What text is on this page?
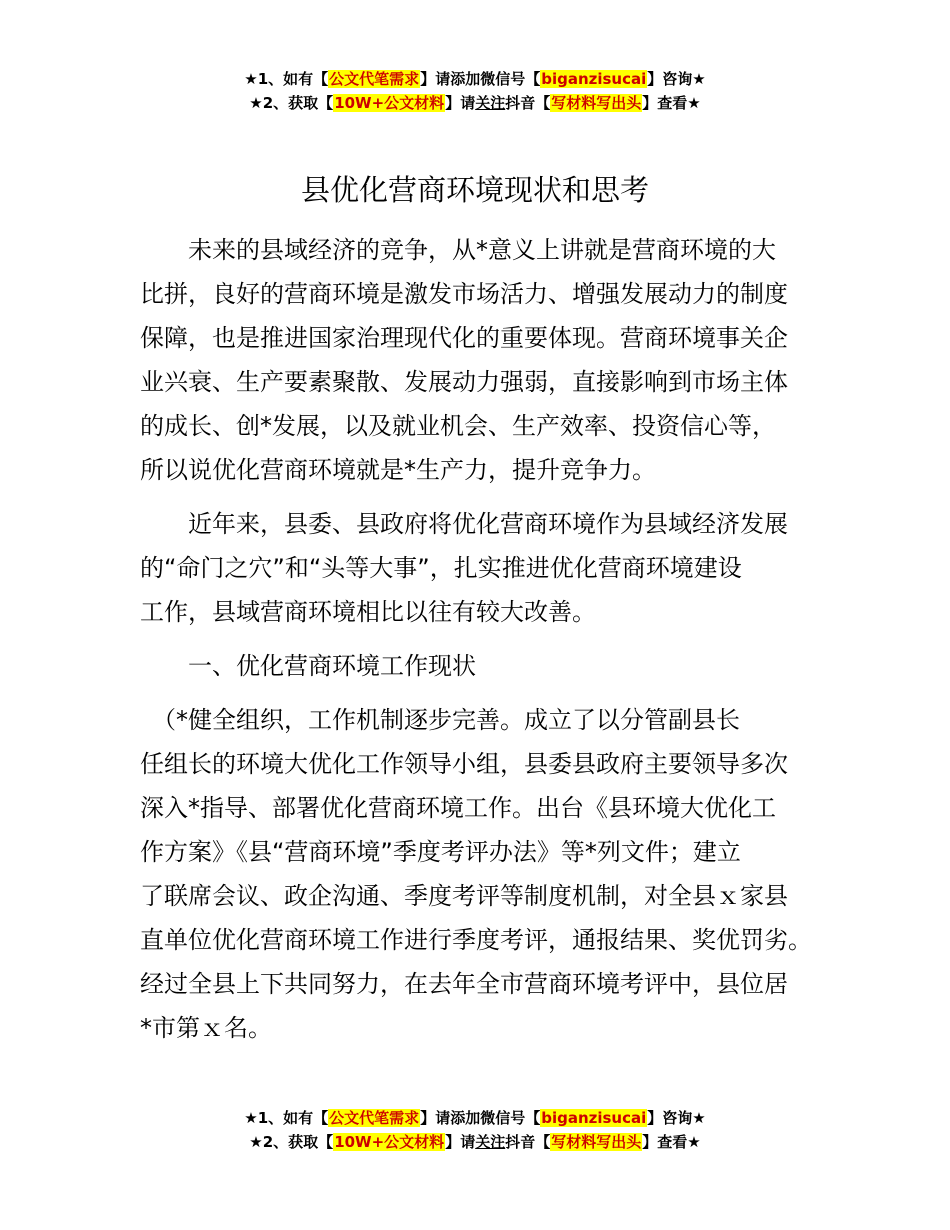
★1、如有【公文代笔需求】请添加微信号【biganzisucai】咨询★
★2、获取【10W+公文材料】请关注抖音【写材料写出头】查看★
县优化营商环境现状和思考
　　未来的县域经济的竞争，从*意义上讲就是营商环境的大
比拼，良好的营商环境是激发市场活力、增强发展动力的制度
保障，也是推进国家治理现代化的重要体现。营商环境事关企
业兴衰、生产要素聚散、发展动力强弱，直接影响到市场主体
的成长、创*发展，以及就业机会、生产效率、投资信心等，
所以说优化营商环境就是*生产力，提升竞争力。
　　近年来，县委、县政府将优化营商环境作为县域经济发展
的“命门之穴”和“头等大事”，扎实推进优化营商环境建设
工作，县域营商环境相比以往有较大改善。
　　一、优化营商环境工作现状
　（*健全组织，工作机制逐步完善。成立了以分管副县长
任组长的环境大优化工作领导小组，县委县政府主要领导多次
深入*指导、部署优化营商环境工作。出台《县环境大优化工
作方案》《县“营商环境”季度考评办法》等*列文件；建立
了联席会议、政企沟通、季度考评等制度机制，对全县ｘ家县
直单位优化营商环境工作进行季度考评，通报结果、奖优罚劣。
经过全县上下共同努力，在去年全市营商环境考评中，县位居
*市第ｘ名。
★1、如有【公文代笔需求】请添加微信号【biganzisucai】咨询★
★2、获取【10W+公文材料】请关注抖音【写材料写出头】查看★
